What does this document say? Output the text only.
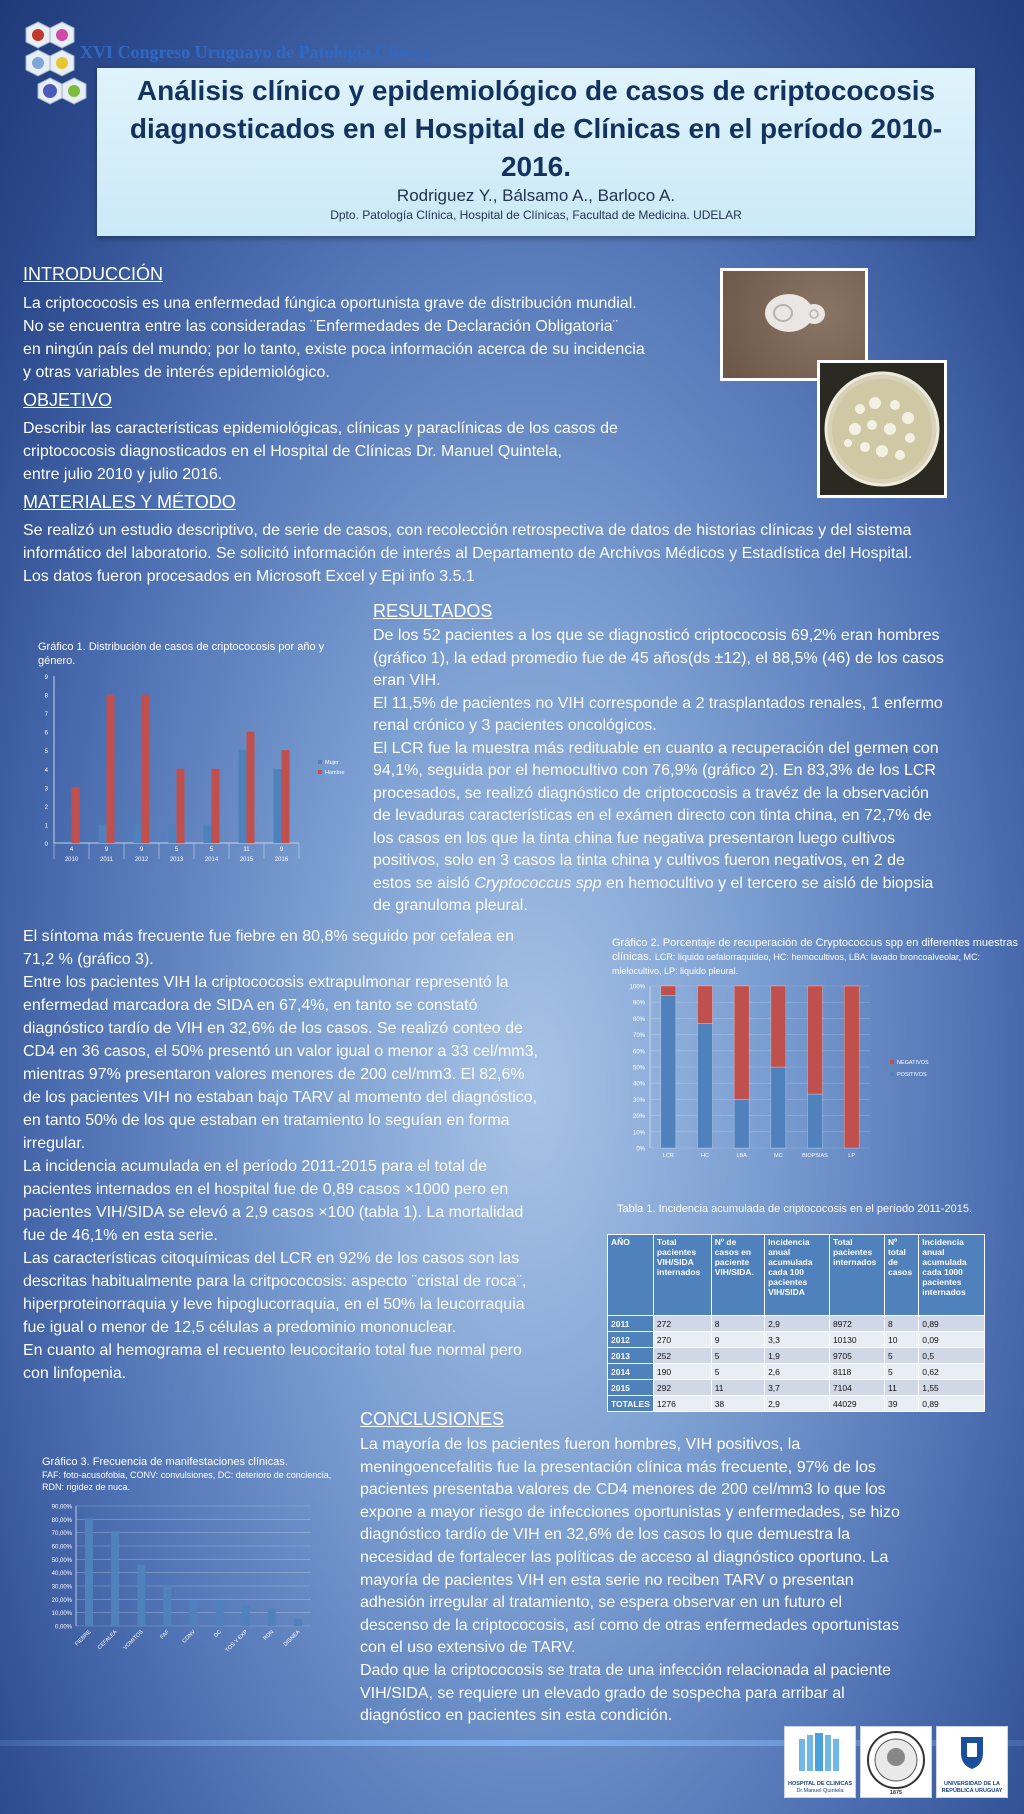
XVI Congreso Uruguayo de Patología Clínica
Análisis clínico y epidemiológico de casos de criptococosis diagnosticados en el Hospital de Clínicas en el período 2010-2016.
Rodriguez Y., Bálsamo A., Barloco A.
Dpto. Patología Clínica, Hospital de Clínicas, Facultad de Medicina. UDELAR
INTRODUCCIÓN
La criptococosis es una enfermedad fúngica oportunista grave de distribución mundial.
No se encuentra entre las consideradas ¨Enfermedades de Declaración Obligatoria¨
en ningún país del mundo; por lo tanto, existe poca información acerca de su incidencia
y otras variables de interés epidemiológico.
OBJETIVO
Describir las características epidemiológicas, clínicas y paraclínicas de los casos de
criptococosis diagnosticados en el Hospital de Clínicas Dr. Manuel Quintela,
entre julio 2010 y julio 2016.
MATERIALES Y MÉTODO
Se realizó un estudio descriptivo, de serie de casos, con recolección retrospectiva de datos de historias clínicas y del sistema
informático del laboratorio. Se solicitó información de interés al Departamento de Archivos Médicos y Estadística del Hospital.
Los datos fueron procesados en Microsoft Excel y Epi info 3.5.1
RESULTADOS
De los 52 pacientes a los que se diagnosticó criptococosis 69,2% eran hombres
(gráfico 1), la edad promedio fue de 45 años(ds ±12), el 88,5% (46) de los casos
eran VIH.
El 11,5% de pacientes no VIH corresponde a 2 trasplantados renales, 1 enfermo
renal crónico y 3 pacientes oncológicos.
El LCR fue la muestra más redituable en cuanto a recuperación del germen con
94,1%, seguida por el hemocultivo con 76,9% (gráfico 2). En 83,3% de los LCR
procesados, se realizó diagnóstico de criptococosis a travéz de la observación
de levaduras características en el exámen directo con tinta china, en 72,7% de
los casos en los que la tinta china fue negativa presentaron luego cultivos
positivos, solo en 3 casos la tinta china y cultivos fueron negativos, en 2 de
estos se aisló Cryptococcus spp en hemocultivo y el tercero se aisló de biopsia
de granuloma pleural.
Gráfico 1. Distribución de casos de criptococosis por año y género.
0
1
2
3
4
5
6
7
8
9
4
2010
9
2011
9
2012
5
2013
5
2014
11
2015
9
2016
Mujer
Hombre
El síntoma más frecuente fue fiebre en 80,8% seguido por cefalea en
71,2 % (gráfico 3).
Entre los pacientes VIH la criptococosis extrapulmonar representó la
enfermedad marcadora de SIDA en 67,4%, en tanto se constató
diagnóstico tardío de VIH en 32,6% de los casos. Se realizó conteo de
CD4 en 36 casos, el 50% presentó un valor igual o menor a 33 cel/mm3,
mientras 97% presentaron valores menores de 200 cel/mm3. El 82,6%
de los pacientes VIH no estaban bajo TARV al momento del diagnóstico,
en tanto 50% de los que estaban en tratamiento lo seguían en forma
irregular.
La incidencia acumulada en el período 2011-2015 para el total de
pacientes internados en el hospital fue de 0,89 casos ×1000 pero en
pacientes VIH/SIDA se elevó a 2,9 casos ×100 (tabla 1). La mortalidad
fue de 46,1% en esta serie.
Las características citoquímicas del LCR en 92% de los casos son las
descritas habitualmente para la critpococosis: aspecto ¨cristal de roca¨,
hiperproteinorraquia y leve hipoglucorraquia, en el 50% la leucorraquia
fue igual o menor de 12,5 células a predominio mononuclear.
En cuanto al hemograma el recuento leucocitario total fue normal pero
con linfopenia.
Gráfico 2. Porcentaje de recuperación de Cryptococcus spp en diferentes muestras clínicas. LCR: liquido cefalorraquideo, HC: hemocultivos, LBA: lavado broncoalveolar, MC: mielocultivo, LP: liquido pleural.
0%
10%
20%
30%
40%
50%
60%
70%
80%
90%
100%
LCR	HC	LBA	MC	BIOPSIAS	LP
NEGATIVOS
POSITIVOS
Tabla 1. Incidencia acumulada de criptococosis en el período 2011-2015.
AÑO	Total pacientes VIH/SIDA internados	Nº de casos en paciente VIH/SIDA.	Incidencia anual acumulada cada 100 pacientes VIH/SIDA	Total pacientes internados	Nº total de casos	Incidencia anual acumulada cada 1000 pacientes internados
2011	272	8	2,9	8972	8	0,89
2012	270	9	3,3	10130	10	0,09
2013	252	5	1,9	9705	5	0,5
2014	190	5	2,6	8118	5	0,62
2015	292	11	3,7	7104	11	1,55
TOTALES	1276	38	2,9	44029	39	0,89
Gráfico 3. Frecuencia de manifestaciones clínicas.
FAF: foto-acusofobia, CONV: convulsiones, DC: deterioro de conciencia, RDN: rigidez de nuca.
0,00%
10,00%
20,00%
30,00%
40,00%
50,00%
60,00%
70,00%
80,00%
90,00%
FIEBRE CEFALEA VOMITOS	FAF CONV	DC TOS Y EXP RDN DISNEA
CONCLUSIONES
La mayoría de los pacientes fueron hombres, VIH positivos, la
meningoencefalitis fue la presentación clínica más frecuente, 97% de los
pacientes presentaba valores de CD4 menores de 200 cel/mm3 lo que los
expone a mayor riesgo de infecciones oportunistas y enfermedades, se hizo
diagnóstico tardío de VIH en 32,6% de los casos lo que demuestra la
necesidad de fortalecer las políticas de acceso al diagnóstico oportuno. La
mayoría de pacientes VIH en esta serie no reciben TARV o presentan
adhesión irregular al tratamiento, se espera observar en un futuro el
descenso de la criptococosis, así como de otras enfermedades oportunistas
con el uso extensivo de TARV.
Dado que la criptococosis se trata de una infección relacionada al paciente
VIH/SIDA, se requiere un elevado grado de sospecha para arribar al
diagnóstico en pacientes sin esta condición.
HOSPITAL DE CLINICAS
Dr.Manuel Quintela	1875
UNIVERSIDAD DE LA REPÚBLICA URUGUAY
